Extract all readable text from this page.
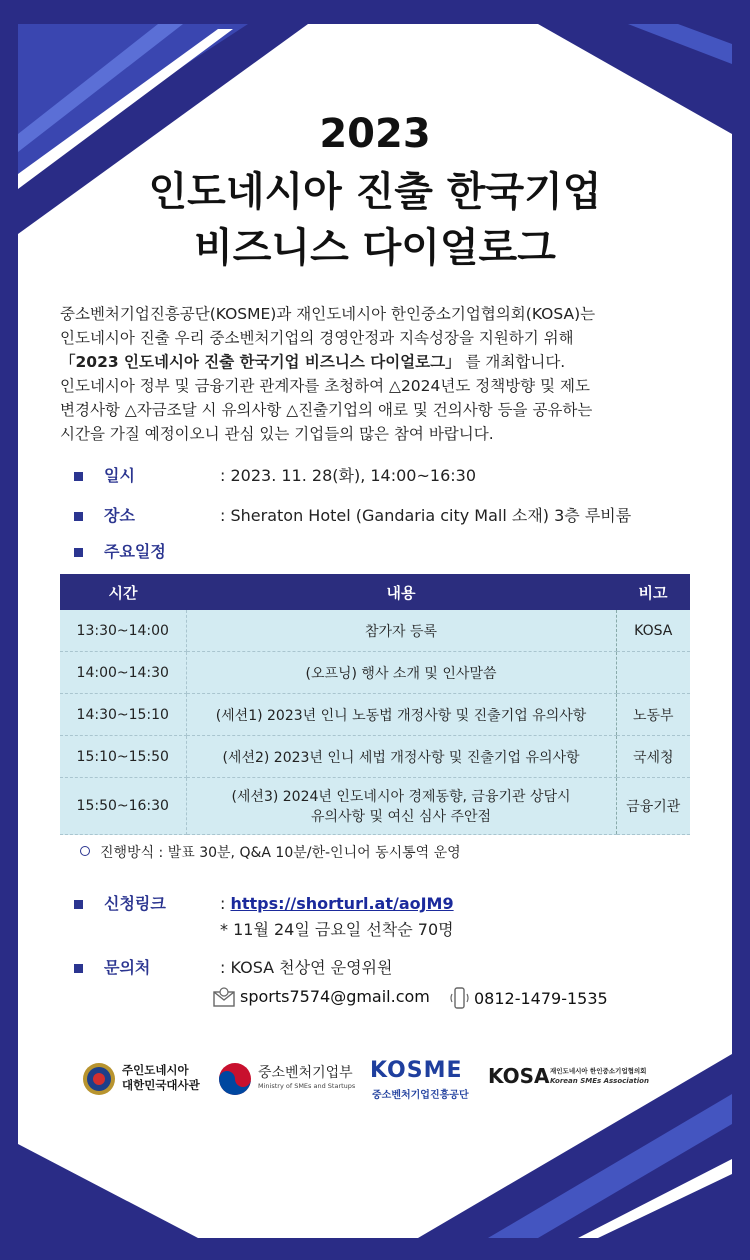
2023
인도네시아 진출 한국기업
비즈니스 다이얼로그
중소벤처기업진흥공단(KOSME)과 재인도네시아 한인중소기업협의회(KOSA)는
인도네시아 진출 우리 중소벤처기업의 경영안정과 지속성장을 지원하기 위해
「2023 인도네시아 진출 한국기업 비즈니스 다이얼로그」 를 개최합니다.
인도네시아 정부 및 금융기관 관계자를 초청하여 △2024년도 정책방향 및 제도
변경사항 △자금조달 시 유의사항 △진출기업의 애로 및 건의사항 등을 공유하는
시간을 가질 예정이오니 관심 있는 기업들의 많은 참여 바랍니다.
일시	: 2023. 11. 28(화), 14:00~16:30
장소	: Sheraton Hotel (Gandaria city Mall 소재) 3층 루비룸
주요일정
시간	내용	비고
13:30~14:00	참가자 등록	KOSA
14:00~14:30	(오프닝) 행사 소개 및 인사말씀	
14:30~15:10	(세션1) 2023년 인니 노동법 개정사항 및 진출기업 유의사항	노동부
15:10~15:50	(세션2) 2023년 인니 세법 개정사항 및 진출기업 유의사항	국세청
15:50~16:30	(세션3) 2024년 인도네시아 경제동향, 금융기관 상담시
유의사항 및 여신 심사 주안점	금융기관
진행방식 : 발표 30분, Q&A 10분/한-인니어 동시통역 운영
신청링크	: https://shorturl.at/aoJM9
* 11월 24일 금요일 선착순 70명
문의처	: KOSA 천상연 운영위원
sports7574@gmail.com	0812-1479-1535
주인도네시아
대한민국대사관
중소벤처기업부
Ministry of SMEs and Startups
KOSME
중소벤처기업진흥공단
KOSA 재인도네시아 한인중소기업협의회
Korean SMEs Association
